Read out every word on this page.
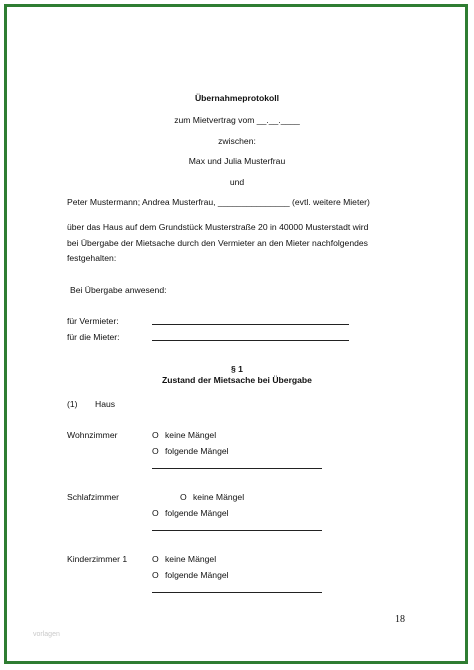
Übernahmeprotokoll
zum Mietvertrag vom __.__.____
zwischen:
Max und Julia Musterfrau
und
Peter Mustermann; Andrea Musterfrau, _______________ (evtl. weitere Mieter)
über das Haus auf dem Grundstück Musterstraße 20 in 40000 Musterstadt wird
bei Übergabe der Mietsache durch den Vermieter an den Mieter nachfolgendes
festgehalten:
Bei Übergabe anwesend:
für Vermieter:
für die Mieter:
§ 1
Zustand der Mietsache bei Übergabe
(1) Haus
Wohnzimmer	O keine Mängel
O folgende Mängel
Schlafzimmer	O keine Mängel
O folgende Mängel
Kinderzimmer 1	O keine Mängel
O folgende Mängel
18
vorlagen
